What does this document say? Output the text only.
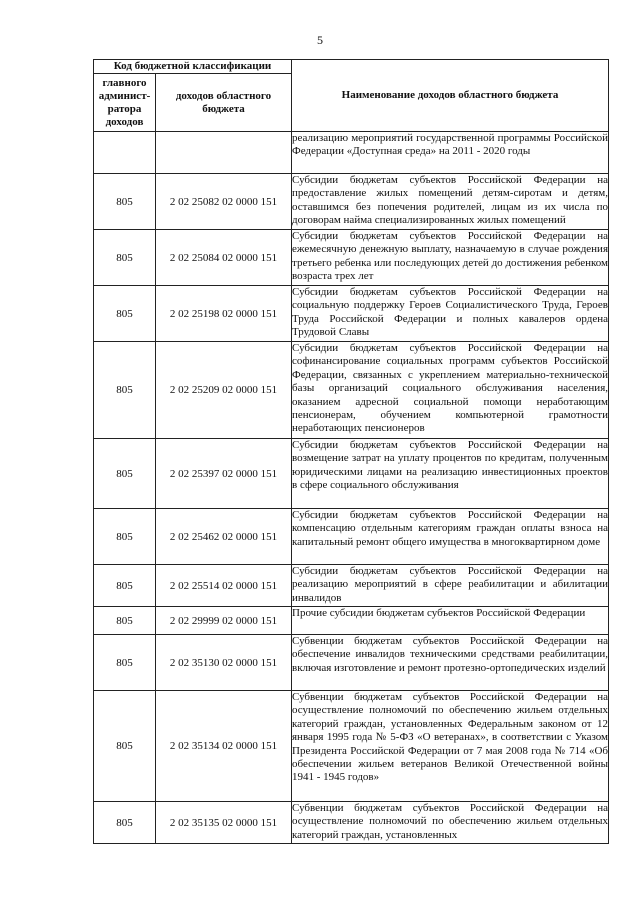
5
Код бюджетной классификации		Наименование доходов областного бюджета
главного админист-ратора доходов	доходов областного бюджета	
		реализацию мероприятий государственной программы Российской Федерации «Доступная среда» на 2011 - 2020 годы
805	2 02 25082 02 0000 151	Субсидии бюджетам субъектов Российской Федерации на предоставление жилых помещений детям-сиротам и детям, оставшимся без попечения родителей, лицам из их числа по договорам найма специализированных жилых помещений
805	2 02 25084 02 0000 151	Субсидии бюджетам субъектов Российской Федерации на ежемесячную денежную выплату, назначаемую в случае рождения третьего ребенка или последующих детей до достижения ребенком возраста трех лет
805	2 02 25198 02 0000 151	Субсидии бюджетам субъектов Российской Федерации на социальную поддержку Героев Социалистического Труда, Героев Труда Российской Федерации и полных кавалеров ордена Трудовой Славы
805	2 02 25209 02 0000 151	Субсидии бюджетам субъектов Российской Федерации на софинансирование социальных программ субъектов Российской Федерации, связанных с укреплением материально-технической базы организаций социального обслуживания населения, оказанием адресной социальной помощи неработающим пенсионерам, обучением компьютерной грамотности неработающих пенсионеров
805	2 02 25397 02 0000 151	Субсидии бюджетам субъектов Российской Федерации на возмещение затрат на уплату процентов по кредитам, полученным юридическими лицами на реализацию инвестиционных проектов в сфере социального обслуживания
805	2 02 25462 02 0000 151	Субсидии бюджетам субъектов Российской Федерации на компенсацию отдельным категориям граждан оплаты взноса на капитальный ремонт общего имущества в многоквартирном доме
805	2 02 25514 02 0000 151	Субсидии бюджетам субъектов Российской Федерации на реализацию мероприятий в сфере реабилитации и абилитации инвалидов
805	2 02 29999 02 0000 151	Прочие субсидии бюджетам субъектов Российской Федерации
805	2 02 35130 02 0000 151	Субвенции бюджетам субъектов Российской Федерации на обеспечение инвалидов техническими средствами реабилитации, включая изготовление и ремонт протезно-ортопедических изделий
805	2 02 35134 02 0000 151	Субвенции бюджетам субъектов Российской Федерации на осуществление полномочий по обеспечению жильем отдельных категорий граждан, установленных Федеральным законом от 12 января 1995 года № 5-ФЗ «О ветеранах», в соответствии с Указом Президента Российской Федерации от 7 мая 2008 года № 714 «Об обеспечении жильем ветеранов Великой Отечественной войны 1941 - 1945 годов»
805	2 02 35135 02 0000 151	Субвенции бюджетам субъектов Российской Федерации на осуществление полномочий по обеспечению жильем отдельных категорий граждан, установленных
